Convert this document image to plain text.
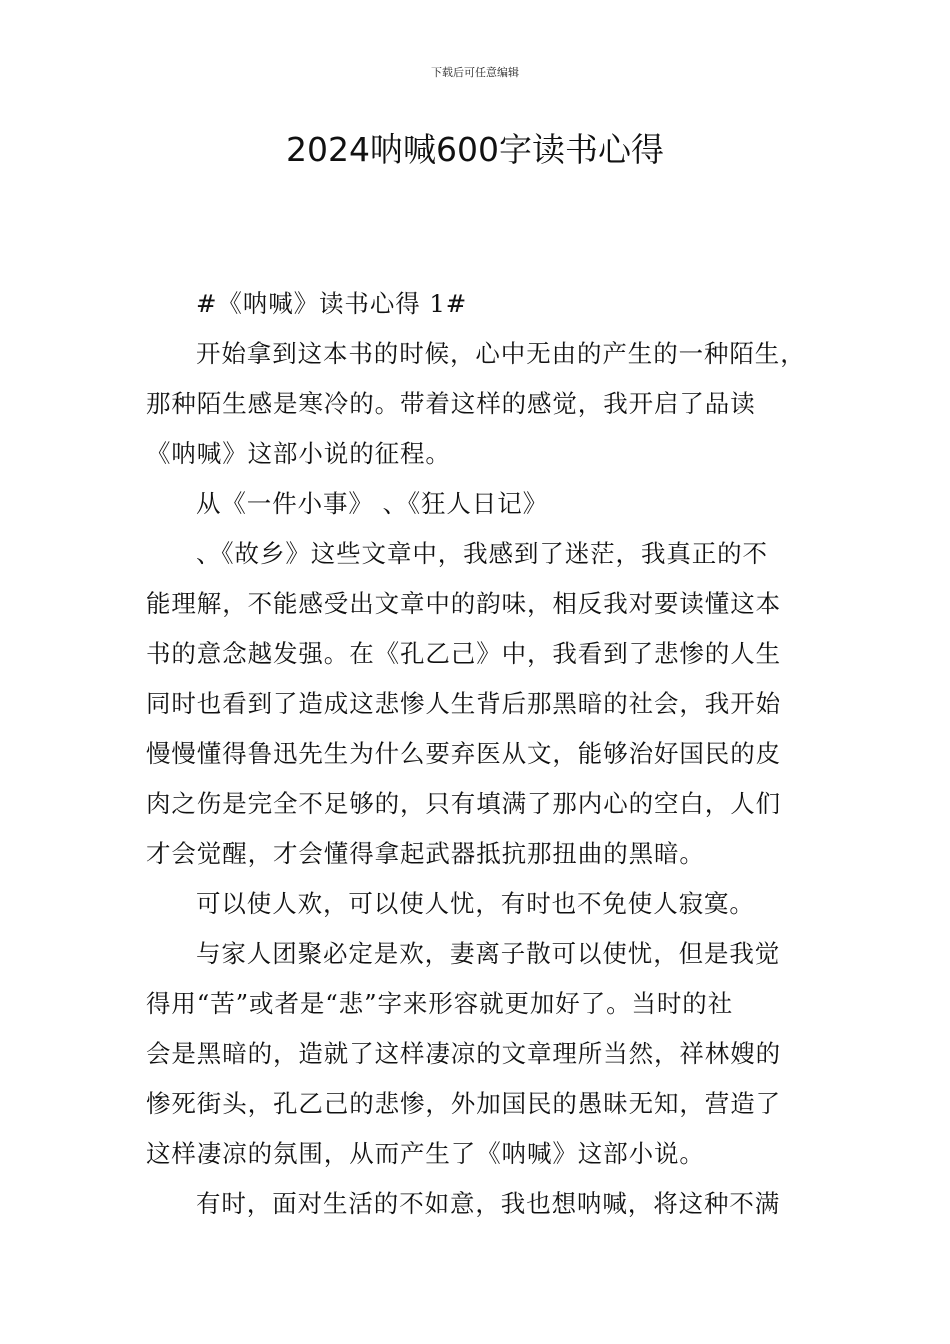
下载后可任意编辑
2024呐喊600字读书心得
#《呐喊》读书心得 1#
开始拿到这本书的时候，心中无由的产生的一种陌生，
那种陌生感是寒冷的。带着这样的感觉，我开启了品读
《呐喊》这部小说的征程。
从《一件小事》 、《狂人日记》
、《故乡》这些文章中，我感到了迷茫，我真正的不
能理解，不能感受出文章中的韵味，相反我对要读懂这本
书的意念越发强。在《孔乙己》中，我看到了悲惨的人生
同时也看到了造成这悲惨人生背后那黑暗的社会，我开始
慢慢懂得鲁迅先生为什么要弃医从文，能够治好国民的皮
肉之伤是完全不足够的，只有填满了那内心的空白，人们
才会觉醒，才会懂得拿起武器抵抗那扭曲的黑暗。
可以使人欢，可以使人忧，有时也不免使人寂寞。
与家人团聚必定是欢，妻离子散可以使忧，但是我觉
得用“苦”或者是“悲”字来形容就更加好了。当时的社
会是黑暗的，造就了这样凄凉的文章理所当然，祥林嫂的
惨死街头，孔乙己的悲惨，外加国民的愚昧无知，营造了
这样凄凉的氛围，从而产生了《呐喊》这部小说。
有时，面对生活的不如意，我也想呐喊，将这种不满
